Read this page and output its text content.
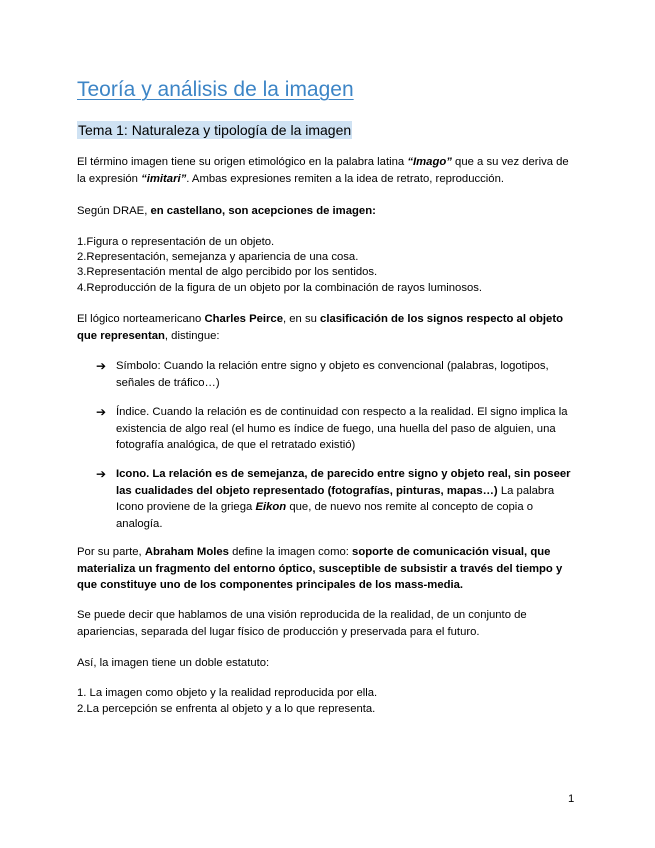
Teoría y análisis de la imagen
Tema 1: Naturaleza y tipología de la imagen
El término imagen tiene su origen etimológico en la palabra latina “Imago” que a su vez deriva de la expresión “imitari”. Ambas expresiones remiten a la idea de retrato, reproducción.
Según DRAE, en castellano, son acepciones de imagen:
1.Figura o representación de un objeto.
2.Representación, semejanza y apariencia de una cosa.
3.Representación mental de algo percibido por los sentidos.
4.Reproducción de la figura de un objeto por la combinación de rayos luminosos.
El lógico norteamericano Charles Peirce, en su clasificación de los signos respecto al objeto que representan, distingue:
➔ Símbolo: Cuando la relación entre signo y objeto es convencional (palabras, logotipos, señales de tráfico…)
➔ Índice. Cuando la relación es de continuidad con respecto a la realidad. El signo implica la existencia de algo real (el humo es índice de fuego, una huella del paso de alguien, una fotografía analógica, de que el retratado existió)
➔ Icono. La relación es de semejanza, de parecido entre signo y objeto real, sin poseer las cualidades del objeto representado (fotografías, pinturas, mapas…) La palabra Icono proviene de la griega Eikon que, de nuevo nos remite al concepto de copia o analogía.
Por su parte, Abraham Moles define la imagen como: soporte de comunicación visual, que materializa un fragmento del entorno óptico, susceptible de subsistir a través del tiempo y que constituye uno de los componentes principales de los mass-media.
Se puede decir que hablamos de una visión reproducida de la realidad, de un conjunto de apariencias, separada del lugar físico de producción y preservada para el futuro.
Así, la imagen tiene un doble estatuto:
1. La imagen como objeto y la realidad reproducida por ella.
2.La percepción se enfrenta al objeto y a lo que representa.
1
